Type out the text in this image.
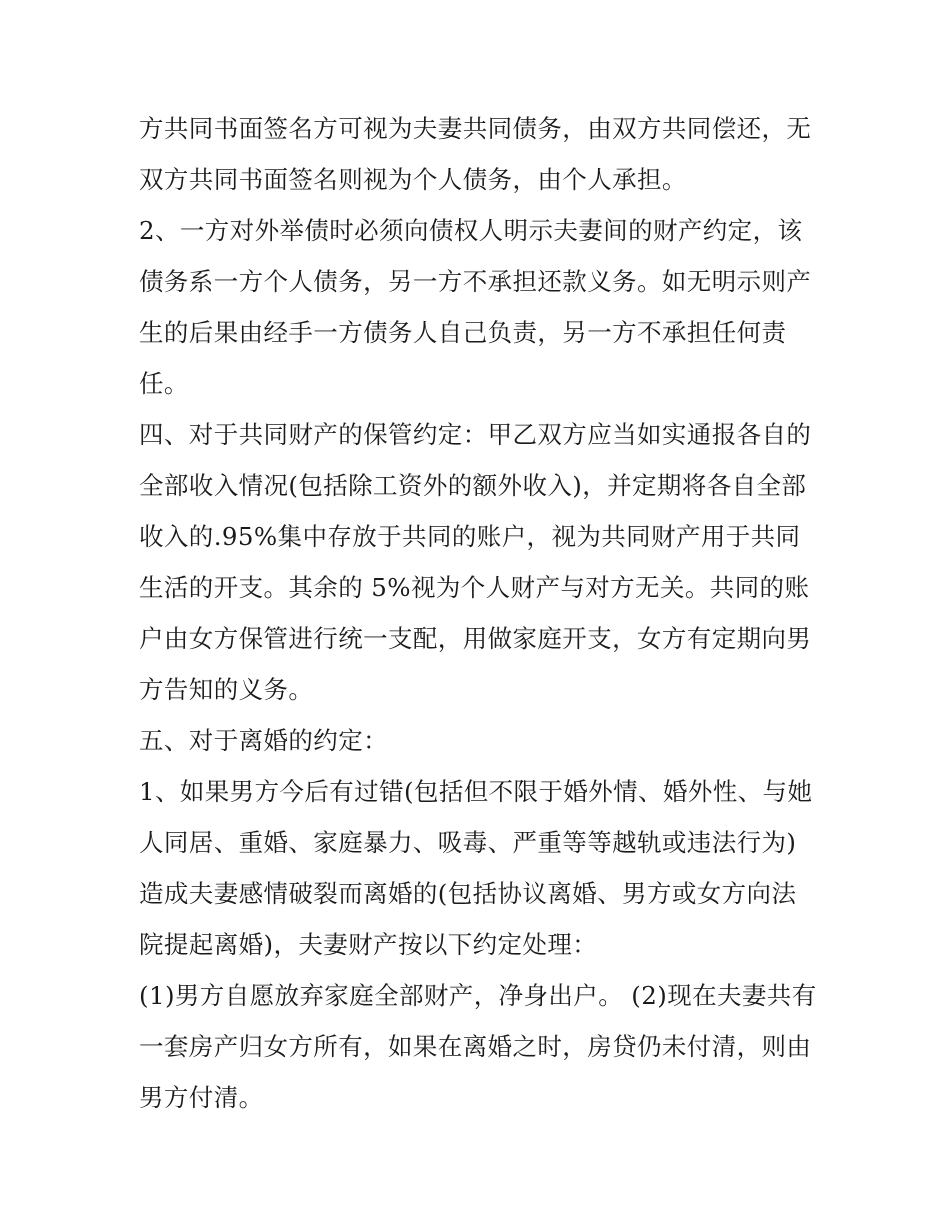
方共同书面签名方可视为夫妻共同债务，由双方共同偿还，无
双方共同书面签名则视为个人债务，由个人承担。
2、一方对外举债时必须向债权人明示夫妻间的财产约定，该
债务系一方个人债务，另一方不承担还款义务。如无明示则产
生的后果由经手一方债务人自己负责，另一方不承担任何责
任。
四、对于共同财产的保管约定：甲乙双方应当如实通报各自的
全部收入情况(包括除工资外的额外收入)，并定期将各自全部
收入的.95%集中存放于共同的账户，视为共同财产用于共同
生活的开支。其余的 5%视为个人财产与对方无关。共同的账
户由女方保管进行统一支配，用做家庭开支，女方有定期向男
方告知的义务。
五、对于离婚的约定：
1、如果男方今后有过错(包括但不限于婚外情、婚外性、与她
人同居、重婚、家庭暴力、吸毒、严重等等越轨或违法行为)
造成夫妻感情破裂而离婚的(包括协议离婚、男方或女方向法
院提起离婚)，夫妻财产按以下约定处理：
(1)男方自愿放弃家庭全部财产，净身出户。 (2)现在夫妻共有
一套房产归女方所有，如果在离婚之时，房贷仍未付清，则由
男方付清。
